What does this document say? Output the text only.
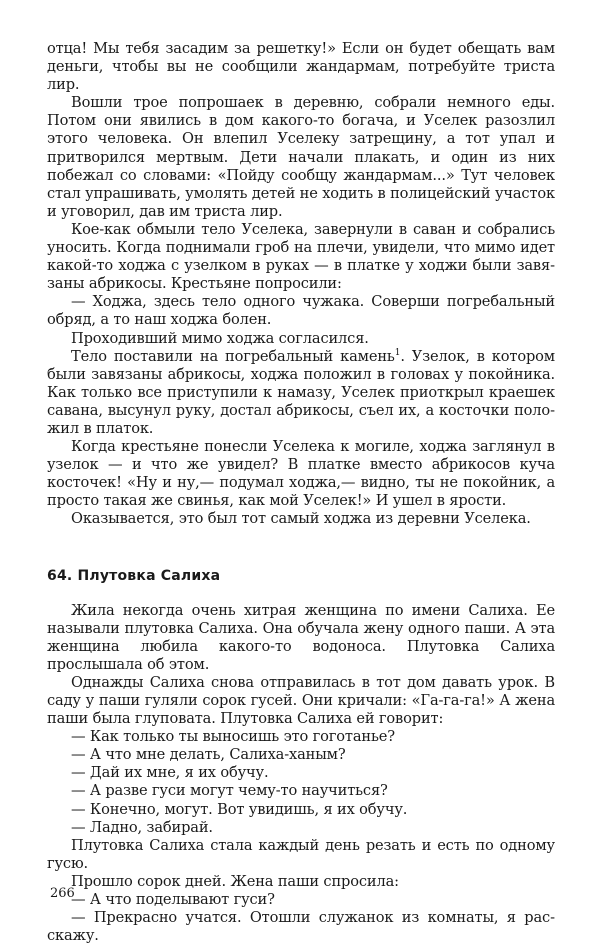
отца! Мы тебя засадим за решетку!» Если он будет обещать вам деньги, чтобы вы не сообщили жандармам, потребуйте триста лир.

Вошли трое попрошаек в деревню, собрали немного еды. Потом они явились в дом какого-то богача, и Уселек разозлил этого человека. Он влепил Уселеку затрещину, а тот упал и притворился мертвым. Дети начали плакать, и один из них побежал со словами: «Пойду сообщу жандармам...» Тут человек стал упрашивать, умолять детей не ходить в полицейский участок и уговорил, дав им триста лир.

Кое-как обмыли тело Уселека, завернули в саван и собрались уносить. Когда поднимали гроб на плечи, увидели, что мимо идет какой-то ходжа с узелком в руках — в платке у ходжи были завязаны абрикосы. Крестьяне попросили:

— Ходжа, здесь тело одного чужака. Соверши погребальный обряд, а то наш ходжа болен.

Проходивший мимо ходжа согласился.

Тело поставили на погребальный камень$^1$. Узелок, в котором были завязаны абрикосы, ходжа положил в головах у покойника. Как только все приступили к намазу, Уселек приоткрыл краешек савана, высунул руку, достал абрикосы, съел их, а косточки положил в платок.

Когда крестьяне понесли Уселека к могиле, ходжа заглянул в узелок — и что же увидел? В платке вместо абрикосов куча косточек! «Ну и ну,— подумал ходжа,— видно, ты не покойник, а просто такая же свинья, как мой Уселек!» И ушел в ярости.

Оказывается, это был тот самый ходжа из деревни Уселека.

64. Плутовка Салиха

Жила некогда очень хитрая женщина по имени Салиха. Ее называли плутовка Салиха. Она обучала жену одного паши. А эта женщина любила какого-то водоноса. Плутовка Салиха прослышала об этом.

Однажды Салиха снова отправилась в тот дом давать урок. В саду у паши гуляли сорок гусей. Они кричали: «Га-га-га!» А жена паши была глуповата. Плутовка Салиха ей говорит:

— Как только ты выносишь это гоготанье?

— А что мне делать, Салиха-ханым?

— Дай их мне, я их обучу.

— А разве гуси могут чему-то научиться?

— Конечно, могут. Вот увидишь, я их обучу.

— Ладно, забирай.

Плутовка Салиха стала каждый день резать и есть по одному гусю.

Прошло сорок дней. Жена паши спросила:

— А что поделывают гуси?

— Прекрасно учатся. Отошли служанок из комнаты, я расскажу.

266
